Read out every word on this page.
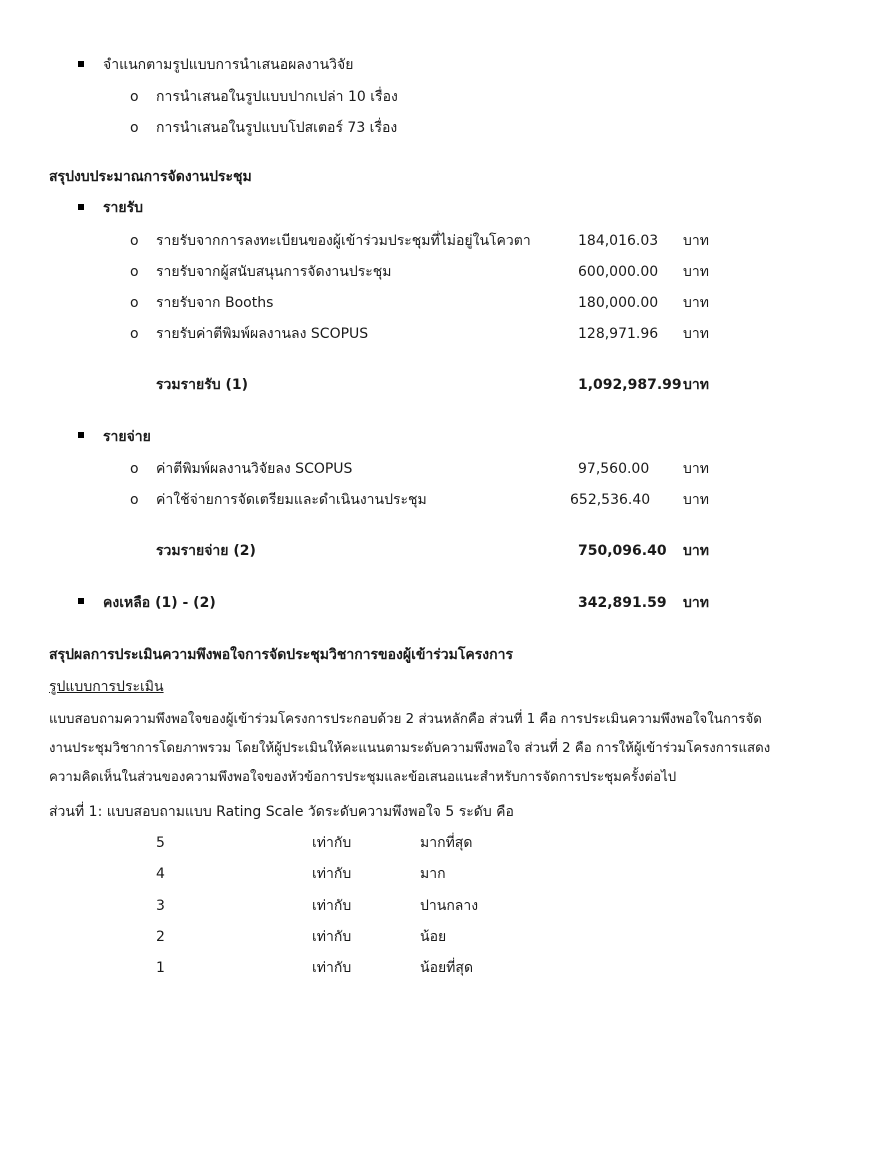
จำแนกตามรูปแบบการนำเสนอผลงานวิจัย
o การนำเสนอในรูปแบบปากเปล่า 10 เรื่อง
o การนำเสนอในรูปแบบโปสเตอร์ 73 เรื่อง
สรุปงบประมาณการจัดงานประชุม
รายรับ
o รายรับจากการลงทะเบียนของผู้เข้าร่วมประชุมที่ไม่อยู่ในโควตา	184,016.03 บาท
o รายรับจากผู้สนับสนุนการจัดงานประชุม	600,000.00 บาท
o รายรับจาก Booths	180,000.00 บาท
o รายรับค่าตีพิมพ์ผลงานลง SCOPUS	128,971.96 บาท
รวมรายรับ (1)	1,092,987.99 บาท
รายจ่าย
o ค่าตีพิมพ์ผลงานวิจัยลง SCOPUS	97,560.00 บาท
o ค่าใช้จ่ายการจัดเตรียมและดำเนินงานประชุม	652,536.40 บาท
รวมรายจ่าย (2)	750,096.40 บาท
คงเหลือ (1) - (2)	342,891.59 บาท
สรุปผลการประเมินความพึงพอใจการจัดประชุมวิชาการของผู้เข้าร่วมโครงการ
รูปแบบการประเมิน
แบบสอบถามความพึงพอใจของผู้เข้าร่วมโครงการประกอบด้วย 2 ส่วนหลักคือ ส่วนที่ 1 คือ การประเมินความพึงพอใจในการจัด
งานประชุมวิชาการโดยภาพรวม โดยให้ผู้ประเมินให้คะแนนตามระดับความพึงพอใจ ส่วนที่ 2 คือ การให้ผู้เข้าร่วมโครงการแสดง
ความคิดเห็นในส่วนของความพึงพอใจของหัวข้อการประชุมและข้อเสนอแนะสำหรับการจัดการประชุมครั้งต่อไป
ส่วนที่ 1: แบบสอบถามแบบ Rating Scale วัดระดับความพึงพอใจ 5 ระดับ คือ
5	เท่ากับ	มากที่สุด
4	เท่ากับ	มาก
3	เท่ากับ	ปานกลาง
2	เท่ากับ	น้อย
1	เท่ากับ	น้อยที่สุด
